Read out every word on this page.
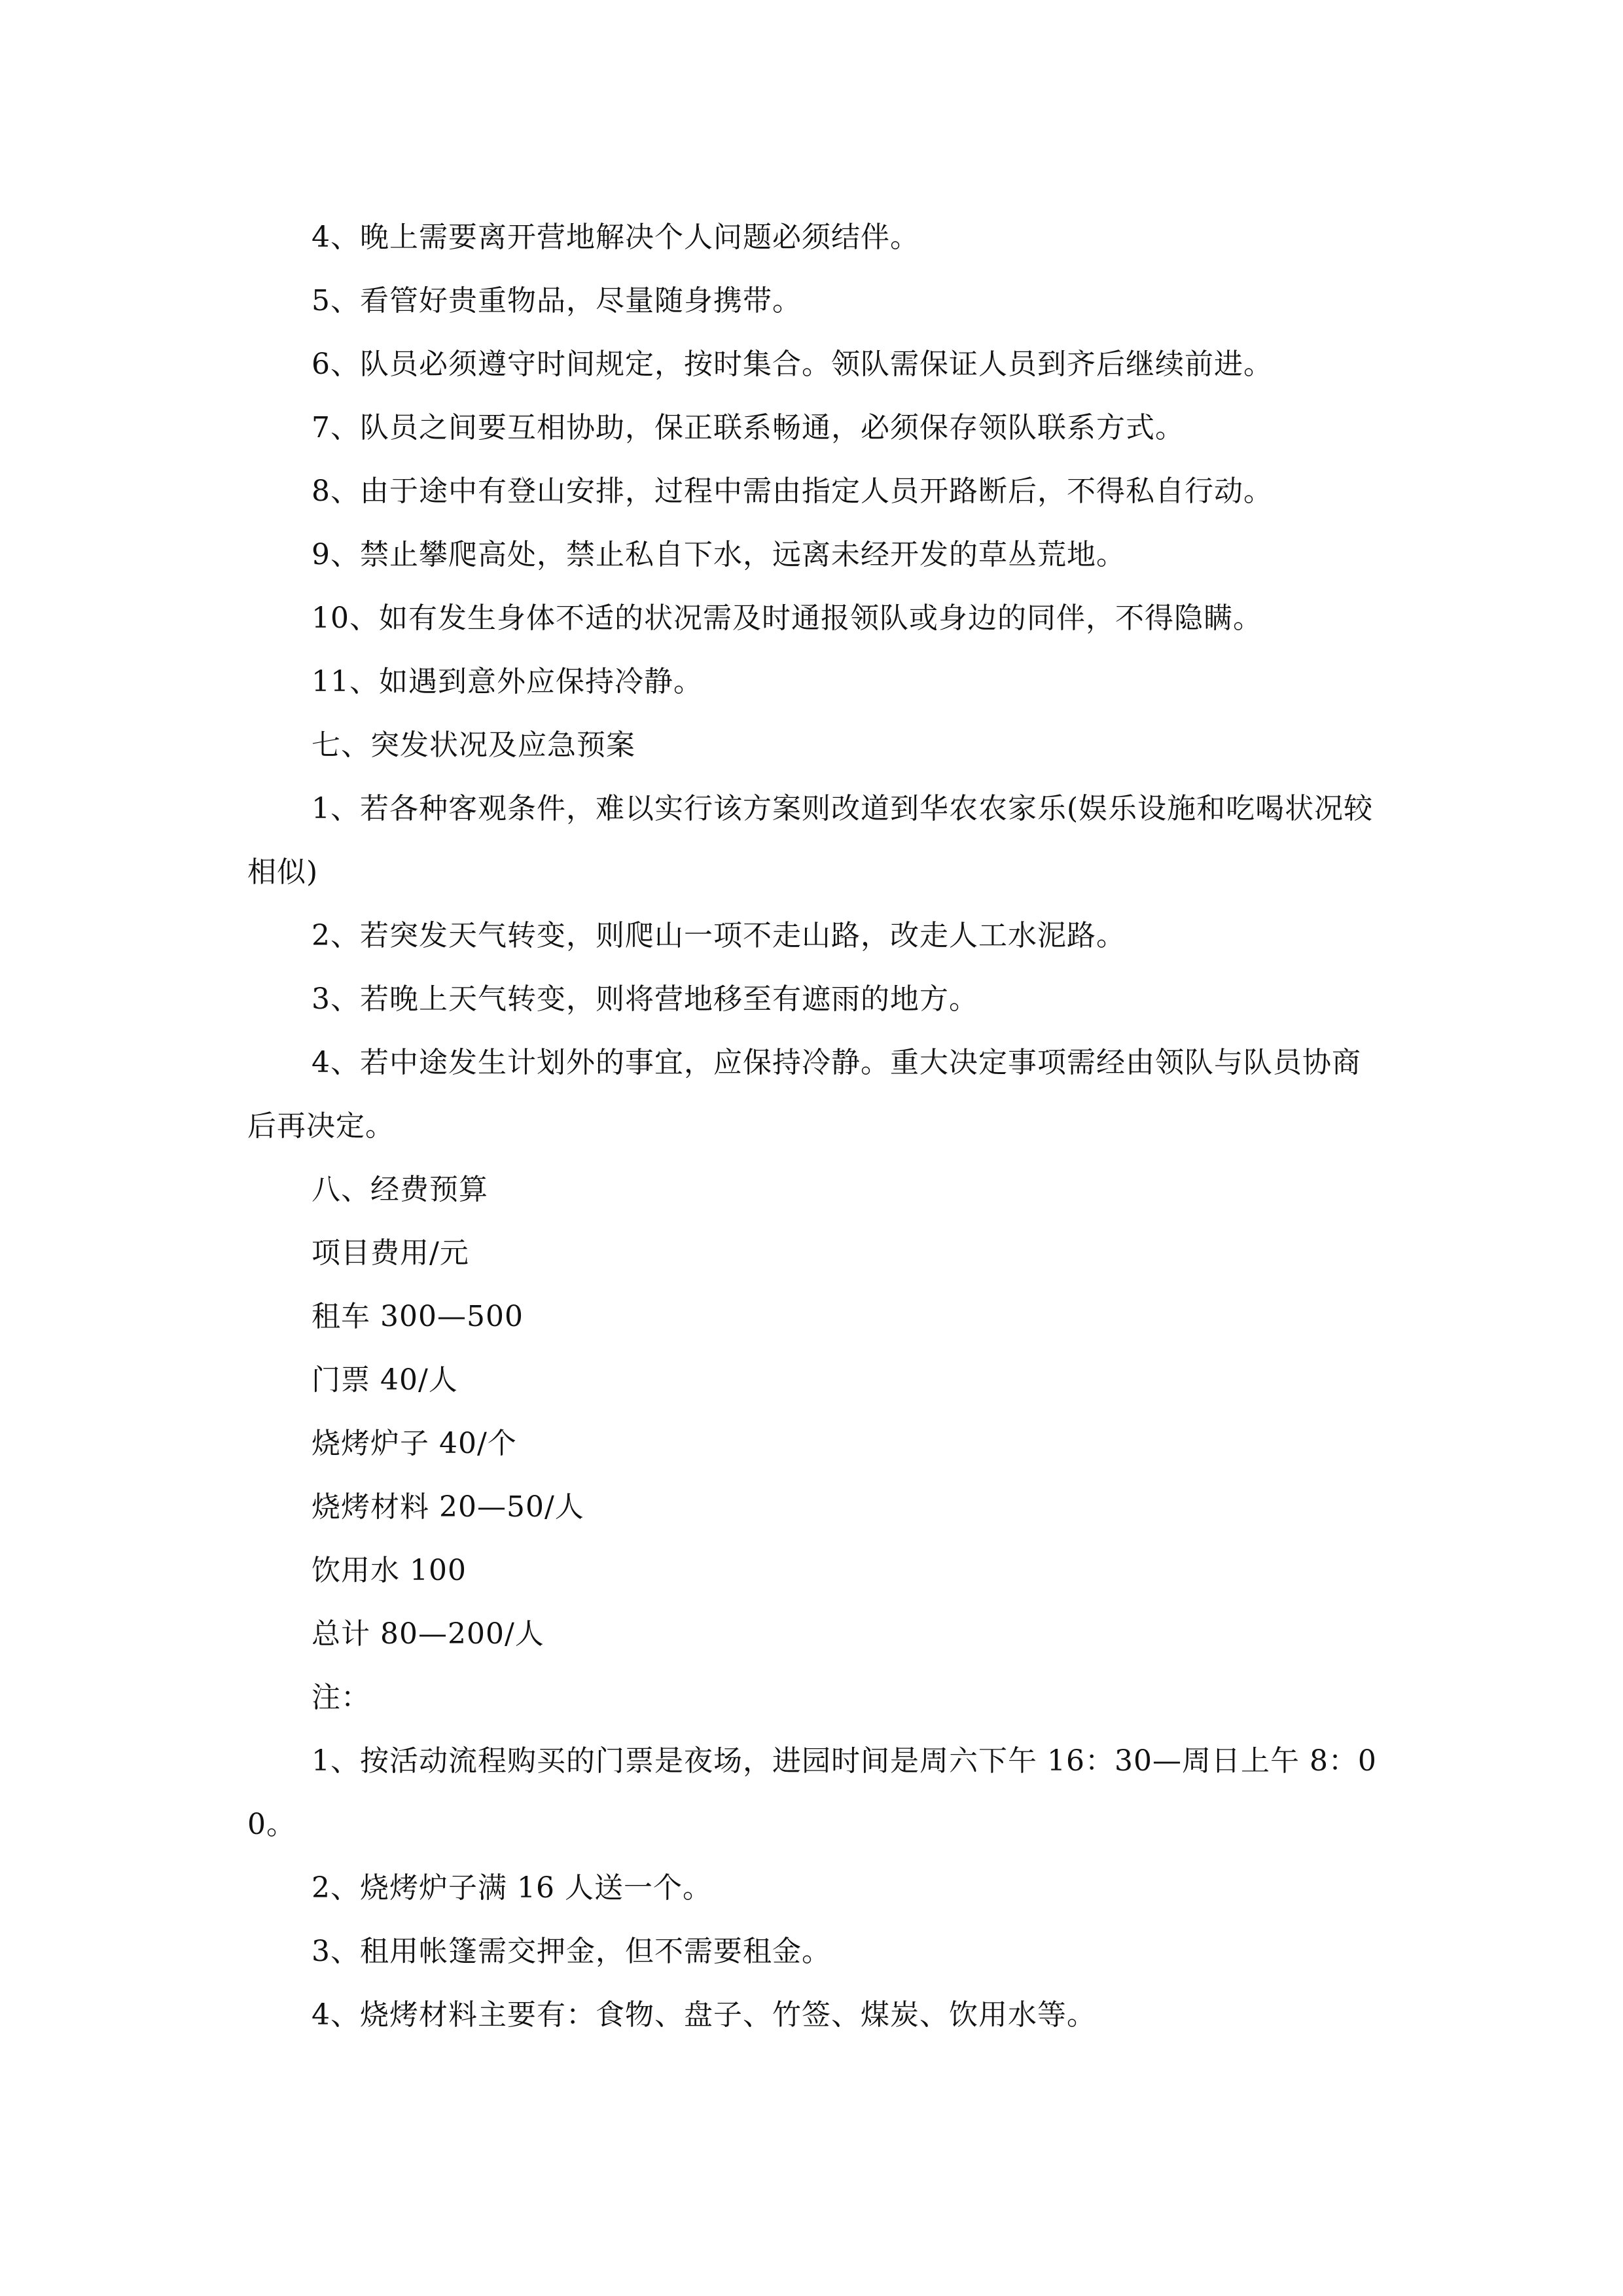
4、晚上需要离开营地解决个人问题必须结伴。

5、看管好贵重物品，尽量随身携带。

6、队员必须遵守时间规定，按时集合。领队需保证人员到齐后继续前进。

7、队员之间要互相协助，保正联系畅通，必须保存领队联系方式。

8、由于途中有登山安排，过程中需由指定人员开路断后，不得私自行动。

9、禁止攀爬高处，禁止私自下水，远离未经开发的草丛荒地。

10、如有发生身体不适的状况需及时通报领队或身边的同伴，不得隐瞒。

11、如遇到意外应保持冷静。

七、突发状况及应急预案

1、若各种客观条件，难以实行该方案则改道到华农农家乐(娱乐设施和吃喝状况较相似)

2、若突发天气转变，则爬山一项不走山路，改走人工水泥路。

3、若晚上天气转变，则将营地移至有遮雨的地方。

4、若中途发生计划外的事宜，应保持冷静。重大决定事项需经由领队与队员协商后再决定。

八、经费预算

项目费用/元

租车 300—500

门票 40/人

烧烤炉子 40/个

烧烤材料 20—50/人

饮用水 100

总计 80—200/人

注：

1、按活动流程购买的门票是夜场，进园时间是周六下午 16：30—周日上午 8：00。

2、烧烤炉子满 16 人送一个。

3、租用帐篷需交押金，但不需要租金。

4、烧烤材料主要有：食物、盘子、竹签、煤炭、饮用水等。
